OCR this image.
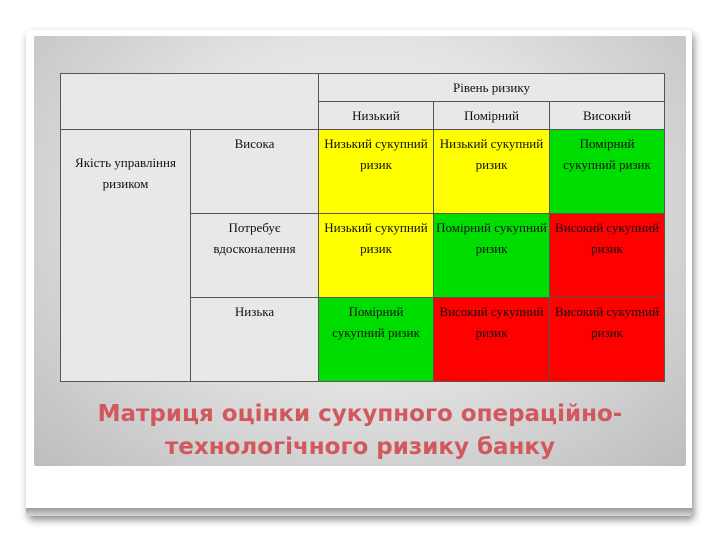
		Рівень ризику		
		Низький	Помірний	Високий
Якість управління ризиком	Висока	Низький сукупний ризик	Низький сукупний ризик	Помірний сукупний ризик
	Потребує вдосконалення	Низький сукупний ризик	Помірний сукупний ризик	Високий сукупний ризик
	Низька	Помірний сукупний ризик	Високий сукупний ризик	Високий сукупний ризик
Матриця оцінки сукупного операційно-технологічного ризику банку
